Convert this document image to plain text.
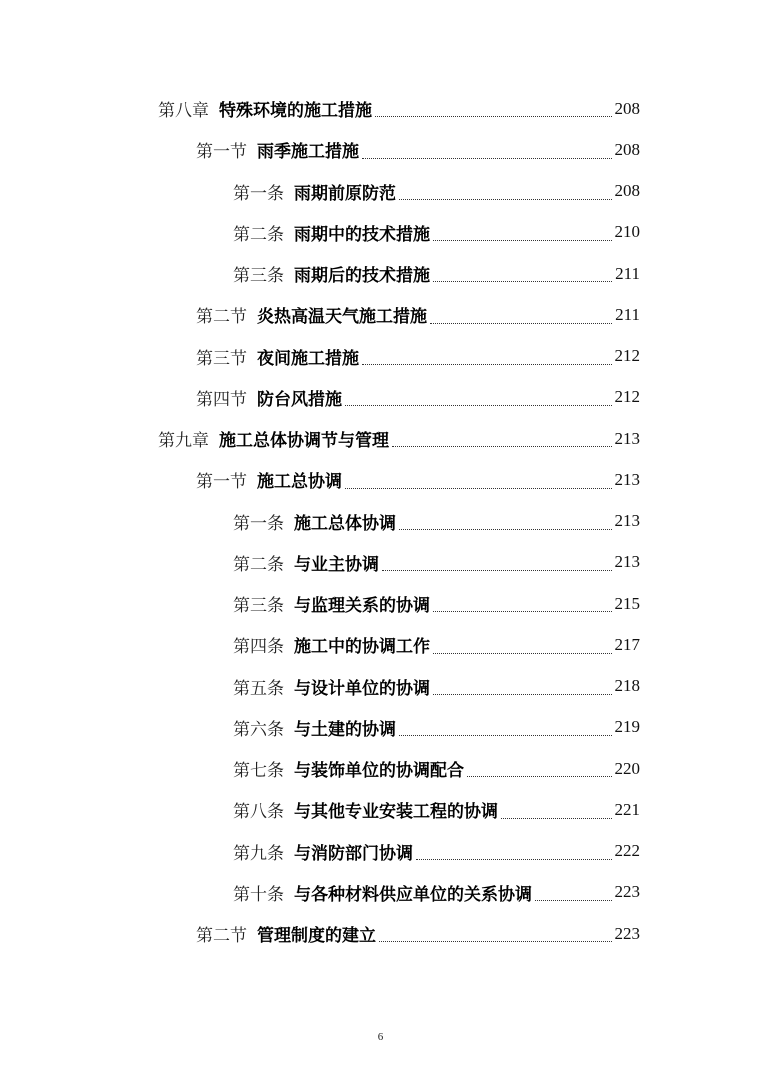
第八章 特殊环境的施工措施	208
第一节 雨季施工措施	208
第一条 雨期前原防范	208
第二条 雨期中的技术措施	210
第三条 雨期后的技术措施	211
第二节 炎热高温天气施工措施	211
第三节 夜间施工措施	212
第四节 防台风措施	212
第九章 施工总体协调节与管理	213
第一节 施工总协调	213
第一条 施工总体协调	213
第二条 与业主协调	213
第三条 与监理关系的协调	215
第四条 施工中的协调工作	217
第五条 与设计单位的协调	218
第六条 与土建的协调	219
第七条 与装饰单位的协调配合	220
第八条 与其他专业安装工程的协调	221
第九条 与消防部门协调	222
第十条 与各种材料供应单位的关系协调	223
第二节 管理制度的建立	223
6
